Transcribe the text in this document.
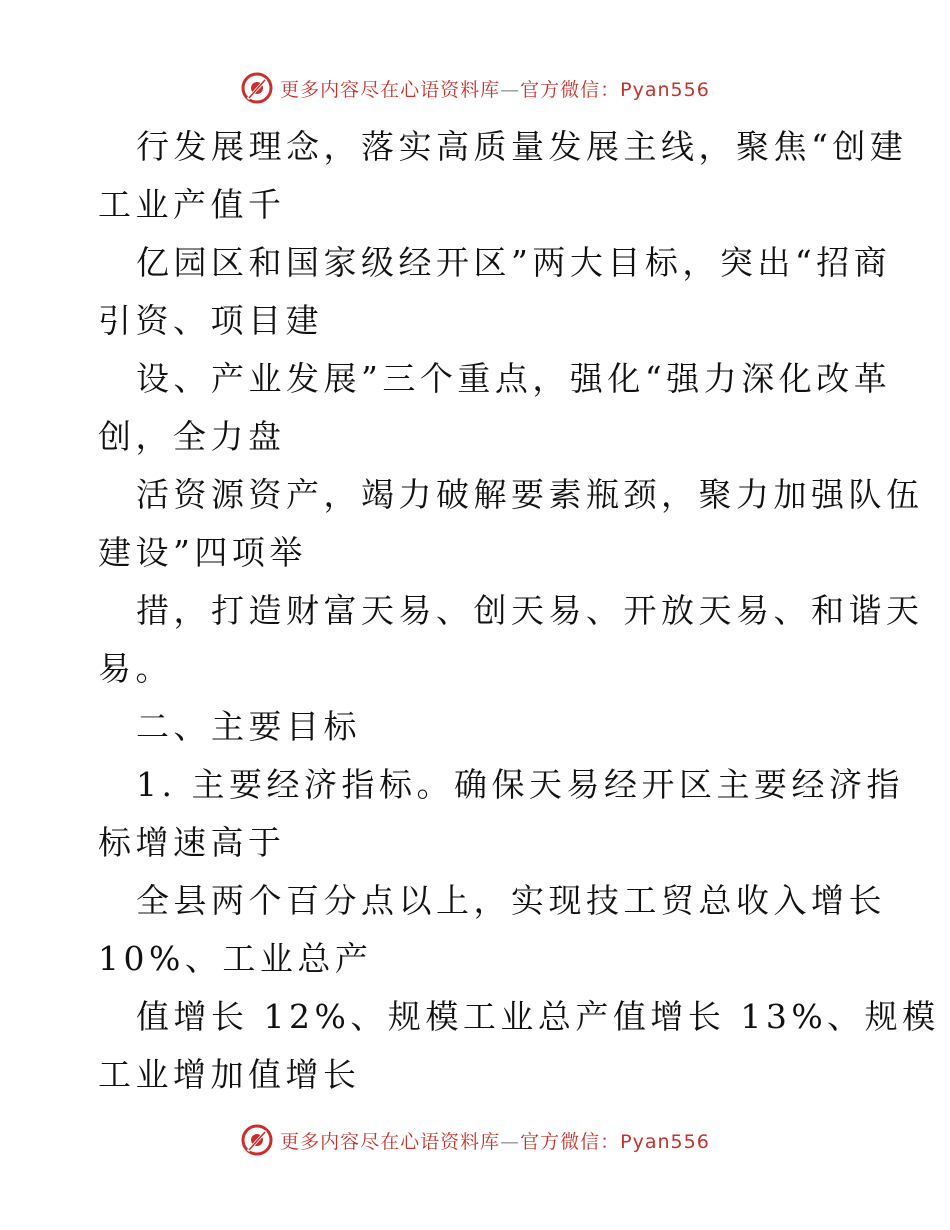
更多内容尽在心语资料库—官方微信：Pyan556
行发展理念，落实高质量发展主线，聚焦“创建
工业产值千
亿园区和国家级经开区”两大目标，突出“招商
引资、项目建
设、产业发展”三个重点，强化“强力深化改革
创，全力盘
活资源资产，竭力破解要素瓶颈，聚力加强队伍
建设”四项举
措，打造财富天易、创天易、开放天易、和谐天
易。
二、主要目标
1. 主要经济指标。确保天易经开区主要经济指
标增速高于
全县两个百分点以上，实现技工贸总收入增长
10%、工业总产
值增长 12%、规模工业总产值增长 13%、规模
工业增加值增长
更多内容尽在心语资料库—官方微信：Pyan556
